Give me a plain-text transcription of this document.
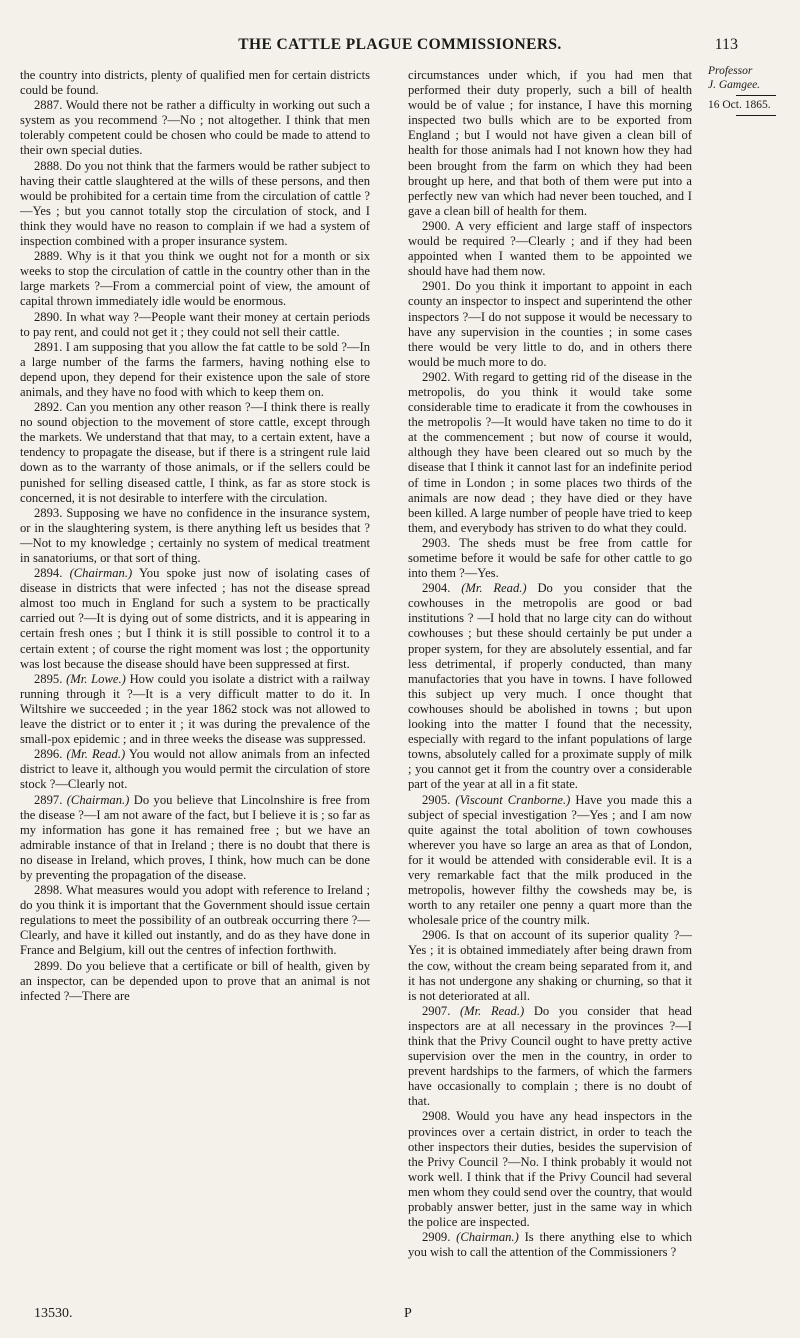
THE CATTLE PLAGUE COMMISSIONERS.	113

the country into districts, plenty of qualified men for certain districts could be found.

2887. Would there not be rather a difficulty in working out such a system as you recommend ?—No ; not altogether. I think that men tolerably competent could be chosen who could be made to attend to their own special duties.

2888. Do you not think that the farmers would be rather subject to having their cattle slaughtered at the wills of these persons, and then would be prohibited for a certain time from the circulation of cattle ?—Yes ; but you cannot totally stop the circulation of stock, and I think they would have no reason to complain if we had a system of inspection combined with a proper insurance system.

2889. Why is it that you think we ought not for a month or six weeks to stop the circulation of cattle in the country other than in the large markets ?—From a commercial point of view, the amount of capital thrown immediately idle would be enormous.

2890. In what way ?—People want their money at certain periods to pay rent, and could not get it ; they could not sell their cattle.

2891. I am supposing that you allow the fat cattle to be sold ?—In a large number of the farms the farmers, having nothing else to depend upon, they depend for their existence upon the sale of store animals, and they have no food with which to keep them on.

2892. Can you mention any other reason ?—I think there is really no sound objection to the movement of store cattle, except through the markets. We understand that that may, to a certain extent, have a tendency to propagate the disease, but if there is a stringent rule laid down as to the warranty of those animals, or if the sellers could be punished for selling diseased cattle, I think, as far as store stock is concerned, it is not desirable to interfere with the circulation.

2893. Supposing we have no confidence in the insurance system, or in the slaughtering system, is there anything left us besides that ?—Not to my knowledge ; certainly no system of medical treatment in sanatoriums, or that sort of thing.

2894. (Chairman.) You spoke just now of isolating cases of disease in districts that were infected ; has not the disease spread almost too much in England for such a system to be practically carried out ?—It is dying out of some districts, and it is appearing in certain fresh ones ; but I think it is still possible to control it to a certain extent ; of course the right moment was lost ; the opportunity was lost because the disease should have been suppressed at first.

2895. (Mr. Lowe.) How could you isolate a district with a railway running through it ?—It is a very difficult matter to do it. In Wiltshire we succeeded ; in the year 1862 stock was not allowed to leave the district or to enter it ; it was during the prevalence of the small-pox epidemic ; and in three weeks the disease was suppressed.

2896. (Mr. Read.) You would not allow animals from an infected district to leave it, although you would permit the circulation of store stock ?—Clearly not.

2897. (Chairman.) Do you believe that Lincolnshire is free from the disease ?—I am not aware of the fact, but I believe it is ; so far as my information has gone it has remained free ; but we have an admirable instance of that in Ireland ; there is no doubt that there is no disease in Ireland, which proves, I think, how much can be done by preventing the propagation of the disease.

2898. What measures would you adopt with reference to Ireland ; do you think it is important that the Government should issue certain regulations to meet the possibility of an outbreak occurring there ?—Clearly, and have it killed out instantly, and do as they have done in France and Belgium, kill out the centres of infection forthwith.

2899. Do you believe that a certificate or bill of health, given by an inspector, can be depended upon to prove that an animal is not infected ?—There are

circumstances under which, if you had men that performed their duty properly, such a bill of health would be of value ; for instance, I have this morning inspected two bulls which are to be exported from England ; but I would not have given a clean bill of health for those animals had I not known how they had been brought from the farm on which they had been brought up here, and that both of them were put into a perfectly new van which had never been touched, and I gave a clean bill of health for them.

2900. A very efficient and large staff of inspectors would be required ?—Clearly ; and if they had been appointed when I wanted them to be appointed we should have had them now.

2901. Do you think it important to appoint in each county an inspector to inspect and superintend the other inspectors ?—I do not suppose it would be necessary to have any supervision in the counties ; in some cases there would be very little to do, and in others there would be much more to do.

2902. With regard to getting rid of the disease in the metropolis, do you think it would take some considerable time to eradicate it from the cowhouses in the metropolis ?—It would have taken no time to do it at the commencement ; but now of course it would, although they have been cleared out so much by the disease that I think it cannot last for an indefinite period of time in London ; in some places two thirds of the animals are now dead ; they have died or they have been killed. A large number of people have tried to keep them, and everybody has striven to do what they could.

2903. The sheds must be free from cattle for sometime before it would be safe for other cattle to go into them ?—Yes.

2904. (Mr. Read.) Do you consider that the cowhouses in the metropolis are good or bad institutions ? —I hold that no large city can do without cowhouses ; but these should certainly be put under a proper system, for they are absolutely essential, and far less detrimental, if properly conducted, than many manufactories that you have in towns. I have followed this subject up very much. I once thought that cowhouses should be abolished in towns ; but upon looking into the matter I found that the necessity, especially with regard to the infant populations of large towns, absolutely called for a proximate supply of milk ; you cannot get it from the country over a considerable part of the year at all in a fit state.

2905. (Viscount Cranborne.) Have you made this a subject of special investigation ?—Yes ; and I am now quite against the total abolition of town cowhouses wherever you have so large an area as that of London, for it would be attended with considerable evil. It is a very remarkable fact that the milk produced in the metropolis, however filthy the cowsheds may be, is worth to any retailer one penny a quart more than the wholesale price of the country milk.

2906. Is that on account of its superior quality ?—Yes ; it is obtained immediately after being drawn from the cow, without the cream being separated from it, and it has not undergone any shaking or churning, so that it is not deteriorated at all.

2907. (Mr. Read.) Do you consider that head inspectors are at all necessary in the provinces ?—I think that the Privy Council ought to have pretty active supervision over the men in the country, in order to prevent hardships to the farmers, of which the farmers have occasionally to complain ; there is no doubt of that.

2908. Would you have any head inspectors in the provinces over a certain district, in order to teach the other inspectors their duties, besides the supervision of the Privy Council ?—No. I think probably it would not work well. I think that if the Privy Council had several men whom they could send over the country, that would probably answer better, just in the same way in which the police are inspected.

2909. (Chairman.) Is there anything else to which you wish to call the attention of the Commissioners ?

Professor
J. Gamgee.
16 Oct. 1865.
13530.	P
